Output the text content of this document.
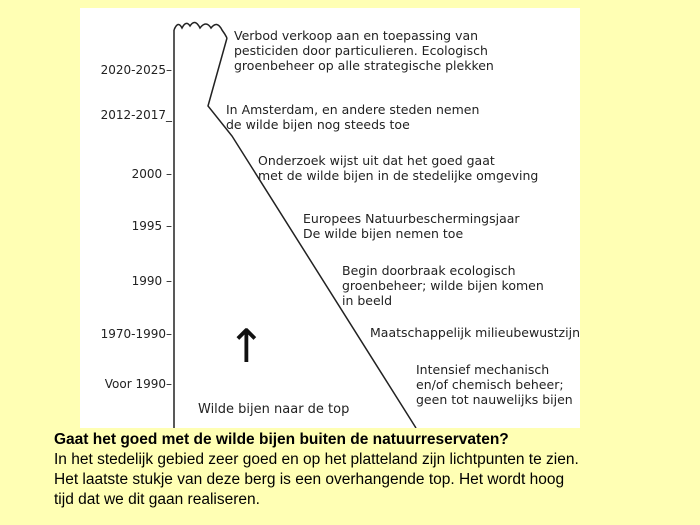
2020-2025–
2012-2017_
2000 –
1995 –
1990 –
1970-1990–
Voor 1990–
Verbod verkoop aan en toepassing van
pesticiden door particulieren. Ecologisch
groenbeheer op alle strategische plekken
In Amsterdam, en andere steden nemen
de wilde bijen nog steeds toe
Onderzoek wijst uit dat het goed gaat
met de wilde bijen in de stedelijke omgeving
Europees Natuurbeschermingsjaar
De wilde bijen nemen toe
Begin doorbraak ecologisch
groenbeheer; wilde bijen komen
in beeld
Maatschappelijk milieubewustzijn
Intensief mechanisch
en/of chemisch beheer;
geen tot nauwelijks bijen
↑
Wilde bijen naar de top
Gaat het goed met de wilde bijen buiten de natuurreservaten?
In het stedelijk gebied zeer goed en op het platteland zijn lichtpunten te zien.
Het laatste stukje van deze berg is een overhangende top. Het wordt hoog
tijd dat we dit gaan realiseren.
